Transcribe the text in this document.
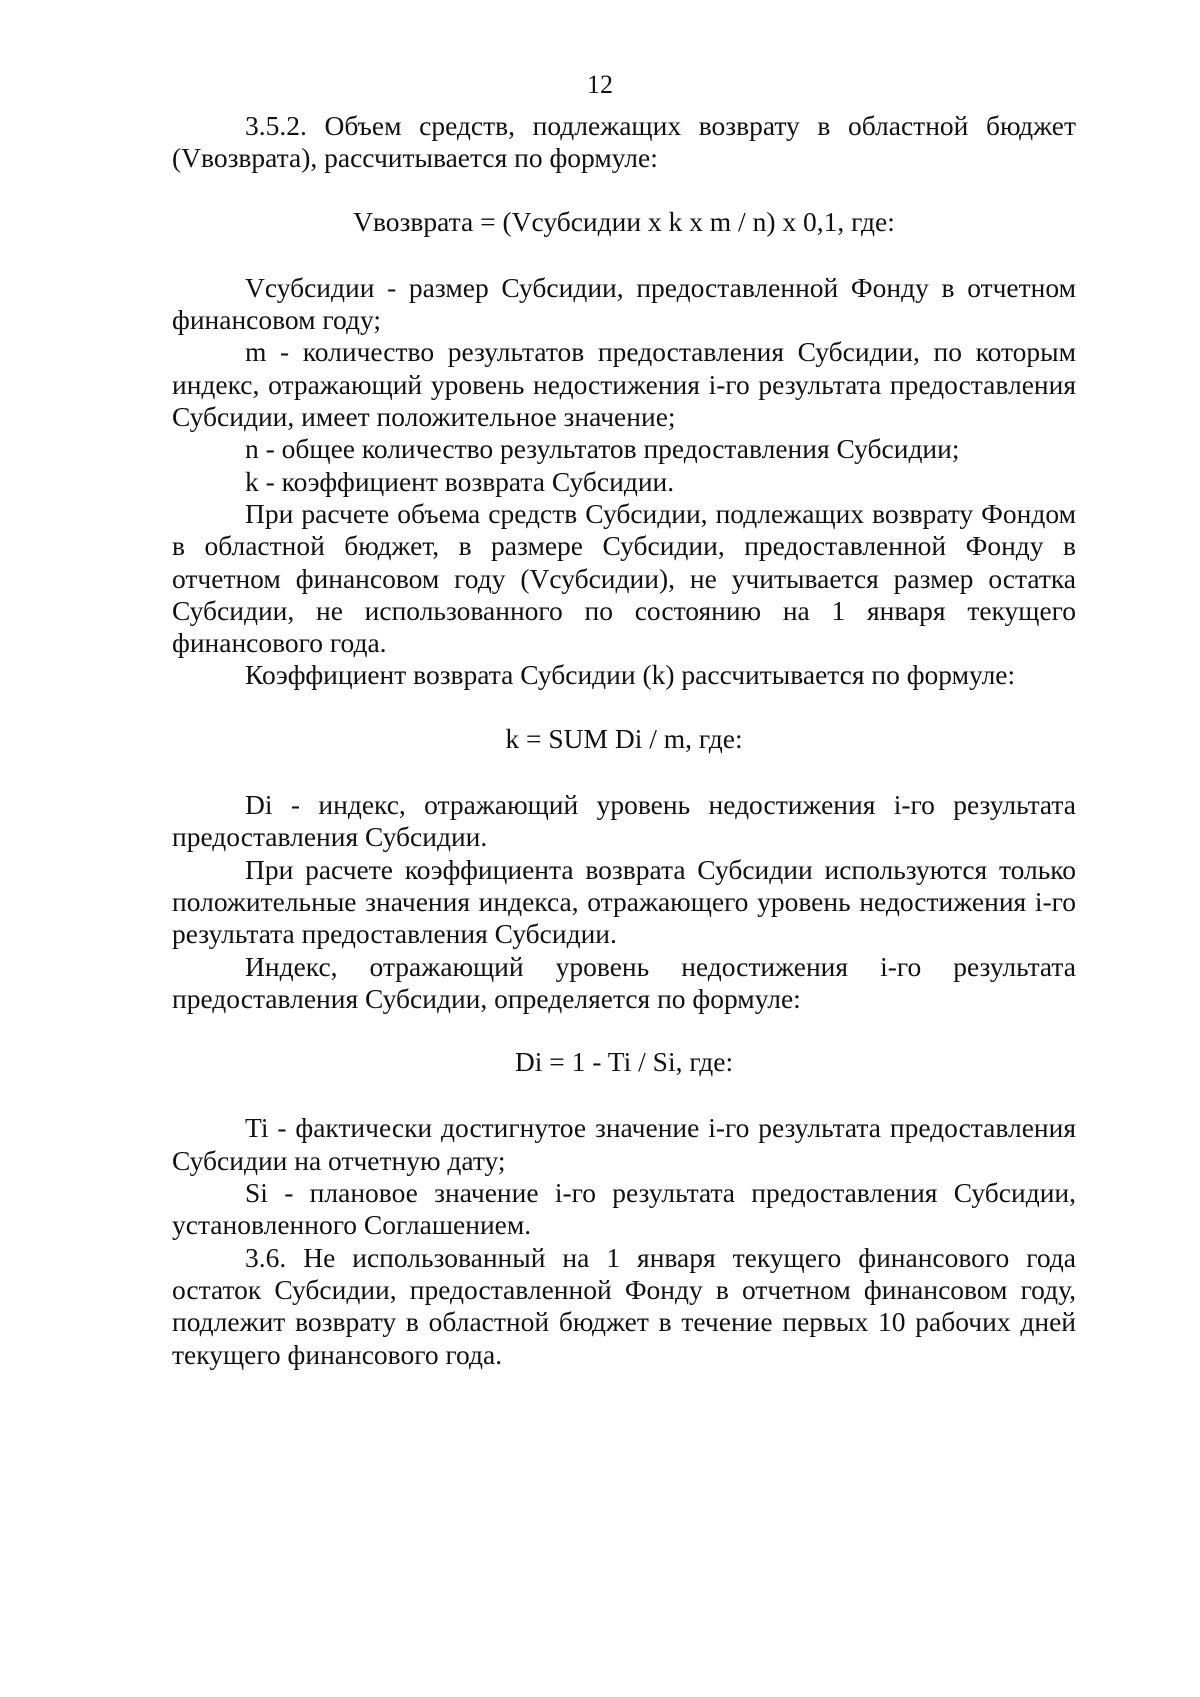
12

3.5.2. Объем средств, подлежащих возврату в областной бюджет (Vвозврата), рассчитывается по формуле:

Vвозврата = (Vсубсидии x k x m / n) x 0,1, где:

Vсубсидии - размер Субсидии, предоставленной Фонду в отчетном финансовом году;

m - количество результатов предоставления Субсидии, по которым индекс, отражающий уровень недостижения i-го результата предоставления Субсидии, имеет положительное значение;

n - общее количество результатов предоставления Субсидии;

k - коэффициент возврата Субсидии.

При расчете объема средств Субсидии, подлежащих возврату Фондом в областной бюджет, в размере Субсидии, предоставленной Фонду в отчетном финансовом году (Vсубсидии), не учитывается размер остатка Субсидии, не использованного по состоянию на 1 января текущего финансового года.

Коэффициент возврата Субсидии (k) рассчитывается по формуле:

k = SUM Di / m, где:

Di - индекс, отражающий уровень недостижения i-го результата предоставления Субсидии.

При расчете коэффициента возврата Субсидии используются только положительные значения индекса, отражающего уровень недостижения i-го результата предоставления Субсидии.

Индекс, отражающий уровень недостижения i-го результата предоставления Субсидии, определяется по формуле:

Di = 1 - Ti / Si, где:

Ti - фактически достигнутое значение i-го результата предоставления Субсидии на отчетную дату;

Si - плановое значение i-го результата предоставления Субсидии, установленного Соглашением.

3.6. Не использованный на 1 января текущего финансового года остаток Субсидии, предоставленной Фонду в отчетном финансовом году, подлежит возврату в областной бюджет в течение первых 10 рабочих дней текущего финансового года.
